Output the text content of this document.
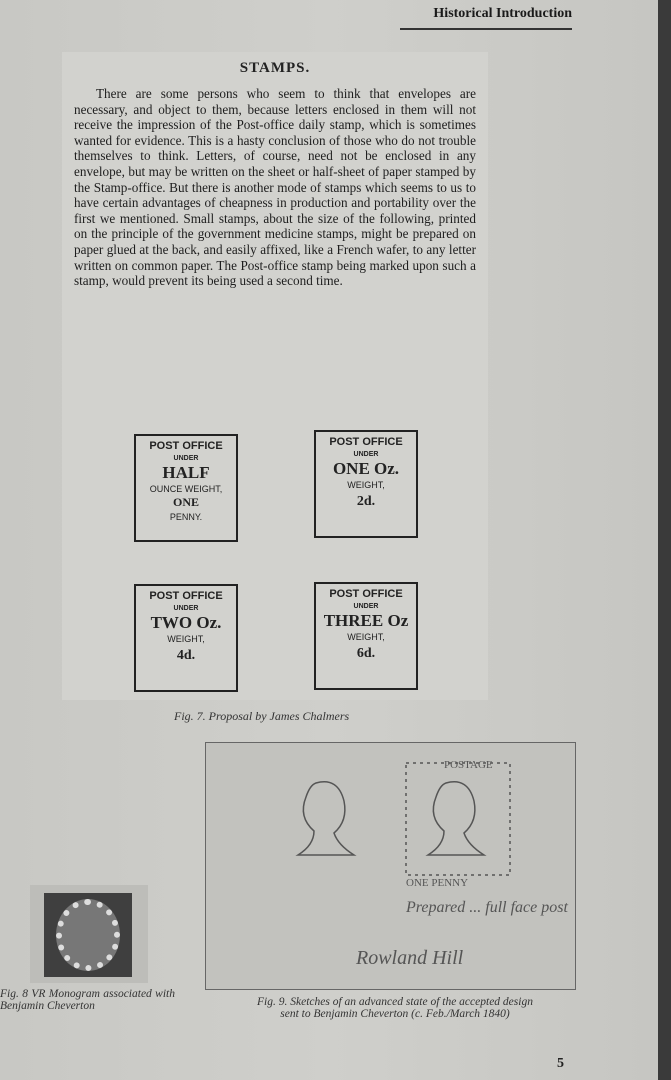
Historical Introduction
STAMPS.

There are some persons who seem to think that envelopes are necessary, and object to them, because letters enclosed in them will not receive the impression of the Post-office daily stamp, which is sometimes wanted for evidence. This is a hasty conclusion of those who do not trouble themselves to think. Letters, of course, need not be enclosed in any envelope, but may be written on the sheet or half-sheet of paper stamped by the Stamp-office. But there is another mode of stamps which seems to us to have certain advantages of cheapness in production and portability over the first we mentioned. Small stamps, about the size of the following, printed on the principle of the government medicine stamps, might be prepared on paper glued at the back, and easily affixed, like a French wafer, to any letter written on common paper. The Post-office stamp being marked upon such a stamp, would prevent its being used a second time.

POST OFFICE
UNDER
HALF
OUNCE WEIGHT,
ONE
PENNY.
POST OFFICE
UNDER
ONE Oz.
WEIGHT,
2d.
POST OFFICE
UNDER
TWO Oz.
WEIGHT,
4d.
POST OFFICE
UNDER
THREE Oz
WEIGHT,
6d.
Fig. 7. Proposal by James Chalmers
POSTAGE
ONE PENNY
Prepared ... full face post
Rowland Hill
Fig. 9. Sketches of an advanced state of the accepted design sent to Benjamin Cheverton (c. Feb./March 1840)
Fig. 8 VR Monogram associated with Benjamin Cheverton
5
